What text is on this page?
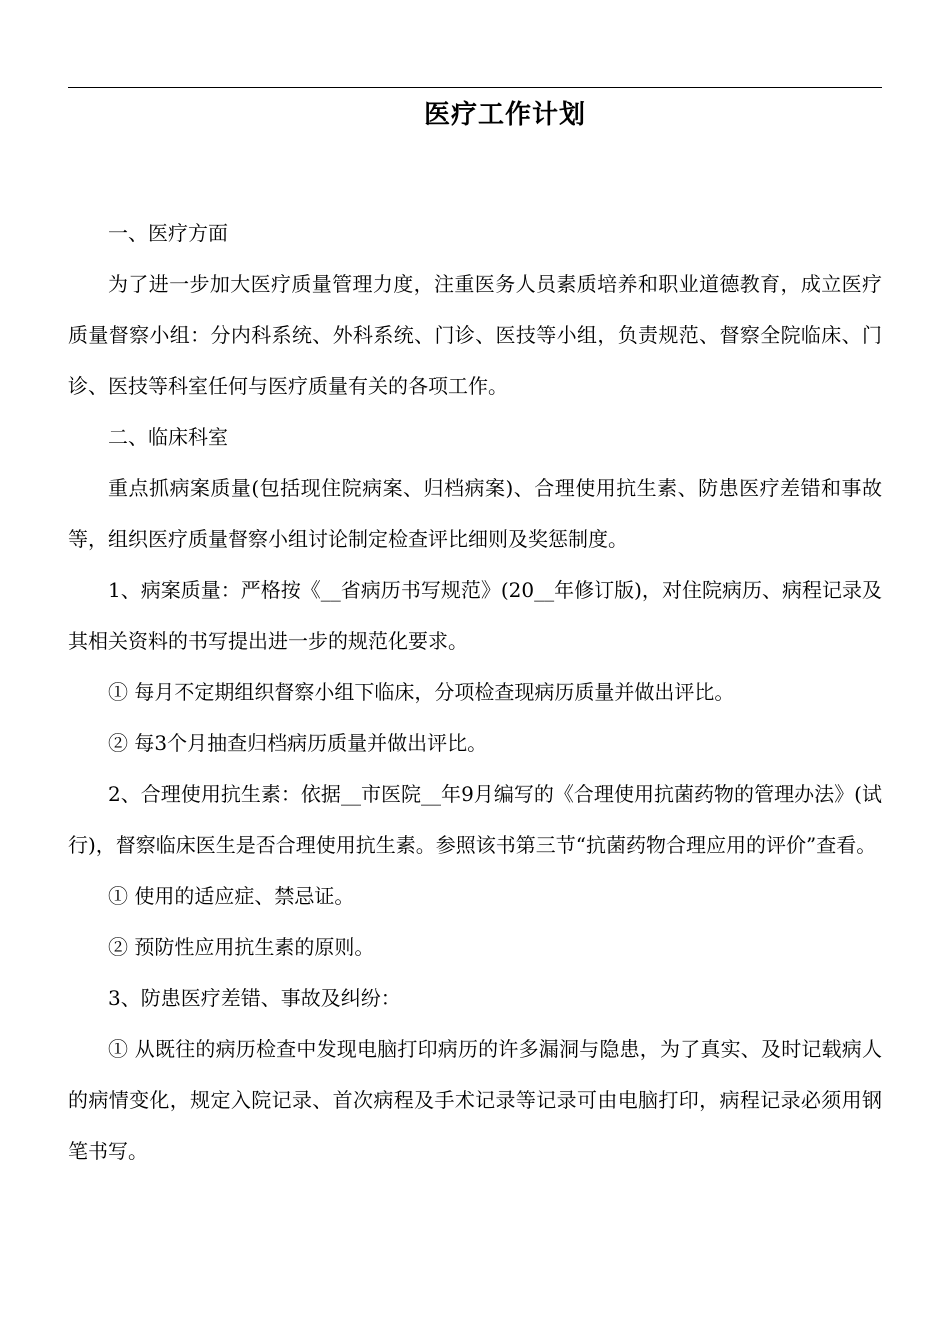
医疗工作计划

一、医疗方面

为了进一步加大医疗质量管理力度，注重医务人员素质培养和职业道德教育，成立医疗质量督察小组：分内科系统、外科系统、门诊、医技等小组，负责规范、督察全院临床、门诊、医技等科室任何与医疗质量有关的各项工作。

二、临床科室

重点抓病案质量(包括现住院病案、归档病案)、合理使用抗生素、防患医疗差错和事故等，组织医疗质量督察小组讨论制定检查评比细则及奖惩制度。

1、病案质量：严格按《__省病历书写规范》(20__年修订版)，对住院病历、病程记录及其相关资料的书写提出进一步的规范化要求。

① 每月不定期组织督察小组下临床，分项检查现病历质量并做出评比。

② 每3个月抽查归档病历质量并做出评比。

2、合理使用抗生素：依据__市医院__年9月编写的《合理使用抗菌药物的管理办法》(试行)，督察临床医生是否合理使用抗生素。参照该书第三节“抗菌药物合理应用的评价”查看。

① 使用的适应症、禁忌证。

② 预防性应用抗生素的原则。

3、防患医疗差错、事故及纠纷：

① 从既往的病历检查中发现电脑打印病历的许多漏洞与隐患，为了真实、及时记载病人的病情变化，规定入院记录、首次病程及手术记录等记录可由电脑打印，病程记录必须用钢笔书写。
